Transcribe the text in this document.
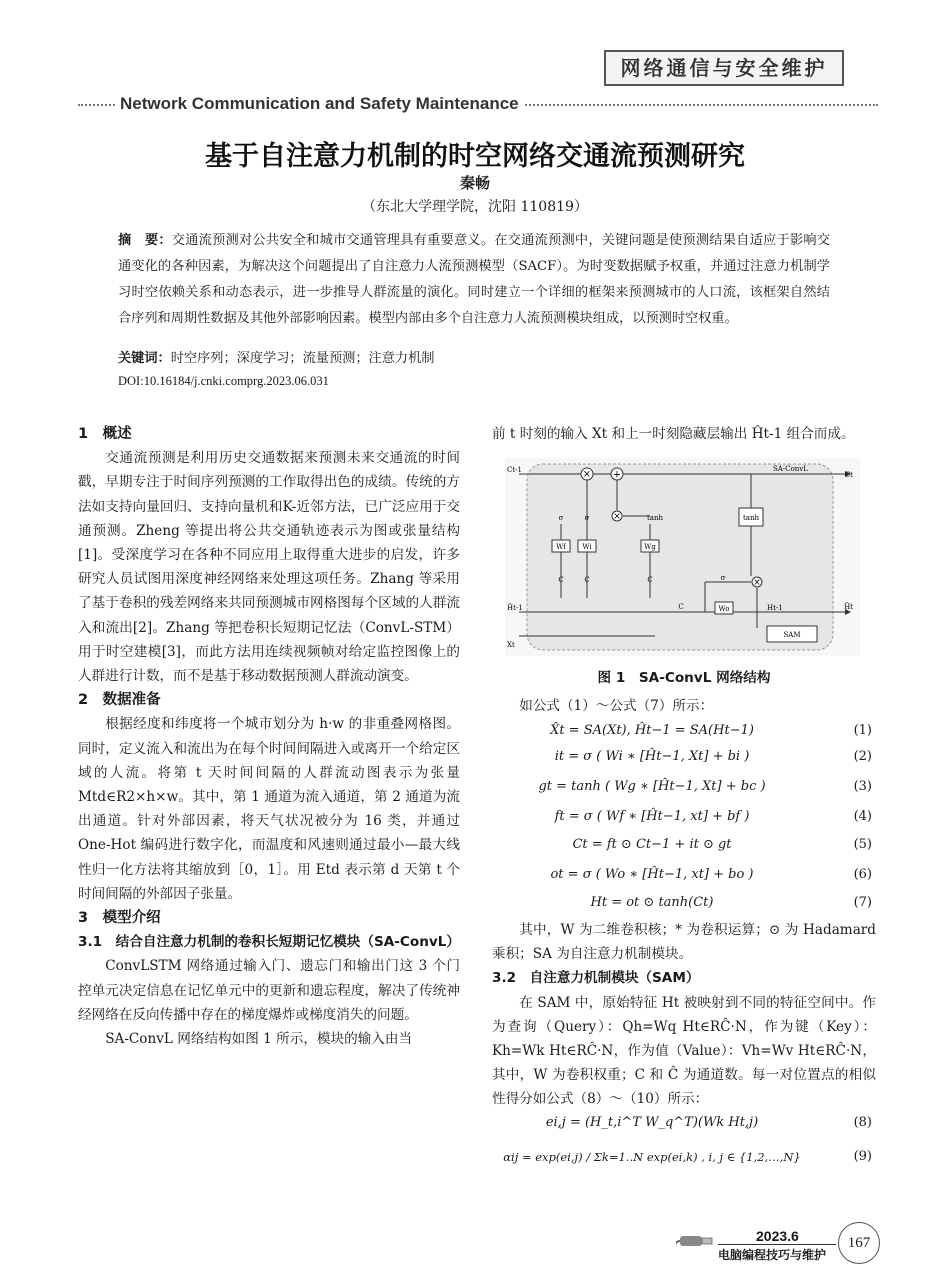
网络通信与安全维护
Network Communication and Safety Maintenance
基于自注意力机制的时空网络交通流预测研究
秦畅
（东北大学理学院，沈阳 110819）
摘　要：交通流预测对公共安全和城市交通管理具有重要意义。在交通流预测中，关键问题是使预测结果自适应于影响交通变化的各种因素，为解决这个问题提出了自注意力人流预测模型（SACF）。为时变数据赋予权重，并通过注意力机制学习时空依赖关系和动态表示，进一步推导人群流量的演化。同时建立一个详细的框架来预测城市的人口流，该框架自然结合序列和周期性数据及其他外部影响因素。模型内部由多个自注意力人流预测模块组成，以预测时空权重。
关键词：时空序列；深度学习；流量预测；注意力机制
DOI:10.16184/j.cnki.comprg.2023.06.031

1　概述

交通流预测是利用历史交通数据来预测未来交通流的时间戳，早期专注于时间序列预测的工作取得出色的成绩。传统的方法如支持向量回归、支持向量机和K-近邻方法，已广泛应用于交通预测。Zheng 等提出将公共交通轨迹表示为图或张量结构[1]。受深度学习在各种不同应用上取得重大进步的启发，许多研究人员试图用深度神经网络来处理这项任务。Zhang 等采用了基于卷积的残差网络来共同预测城市网格图每个区域的人群流入和流出[2]。Zhang 等把卷积长短期记忆法（ConvL-STM）用于时空建模[3]，而此方法用连续视频帧对给定监控图像上的人群进行计数，而不是基于移动数据预测人群流动演变。

2　数据准备

根据经度和纬度将一个城市划分为 h·w 的非重叠网格图。同时，定义流入和流出为在每个时间间隔进入或离开一个给定区域的人流。将第 t 天时间间隔的人群流动图表示为张量 Mtd∈R2×h×w。其中，第 1 通道为流入通道，第 2 通道为流出通道。针对外部因素，将天气状况被分为 16 类，并通过 One-Hot 编码进行数字化，而温度和风速则通过最小—最大线性归一化方法将其缩放到［0，1］。用 Etd 表示第 d 天第 t 个时间间隔的外部因子张量。

3　模型介绍

3.1　结合自注意力机制的卷积长短期记忆模块（SA-ConvL）

ConvLSTM 网络通过输入门、遗忘门和输出门这 3 个门控单元决定信息在记忆单元中的更新和遗忘程度，解决了传统神经网络在反向传播中存在的梯度爆炸或梯度消失的问题。

SA-ConvL 网络结构如图 1 所示，模块的输入由当

前 t 时刻的输入 Xt 和上一时刻隐藏层输出 Ĥt-1 组合而成。

× +
×
×
Wf Wi	Wg
Wo
tanh
SAM
σ	σ	tanh
σ
C	C	C
C	Ht-1
SA-ConvL
Ct-1
Ct
Ĥt-1
Xt
Ĥt
图 1　SA-ConvL 网络结构

如公式（1）～公式（7）所示：

X̂t = SA(Xt), Ĥt−1 = SA(Ht−1)	(1)
it = σ ( Wi ∗ [Ĥt−1, Xt] + bi )	(2)
gt = tanh ( Wg ∗ [Ĥt−1, Xt] + bc )	(3)
ft = σ ( Wf ∗ [Ĥt−1, xt] + bf )	(4)
Ct = ft ⊙ Ct−1 + it ⊙ gt	(5)
ot = σ ( Wo ∗ [Ĥt−1, xt] + bo )	(6)
Ht = ot ⊙ tanh(Ct)	(7)

其中，W 为二维卷积核；* 为卷积运算；⊙ 为 Hadamard 乘积；SA 为自注意力机制模块。

3.2　自注意力机制模块（SAM）

在 SAM 中，原始特征 Ht 被映射到不同的特征空间中。作为查询（Query）：Qh=Wq Ht∈RĈ·N，作为键（Key）：Kh=Wk Ht∈RĈ·N，作为值（Value）：Vh=Wv Ht∈RĈ·N，其中，W 为卷积权重；C 和 Ĉ 为通道数。每一对位置点的相似性得分如公式（8）～（10）所示：

ei,j = (H_t,i^T W_q^T)(Wk Ht,j)	(8)
αij = exp(ei,j) / Σk=1..N exp(ei,k) , i, j ∈ {1,2,…,N}	(9)
2023.6
电脑编程技巧与维护
167
